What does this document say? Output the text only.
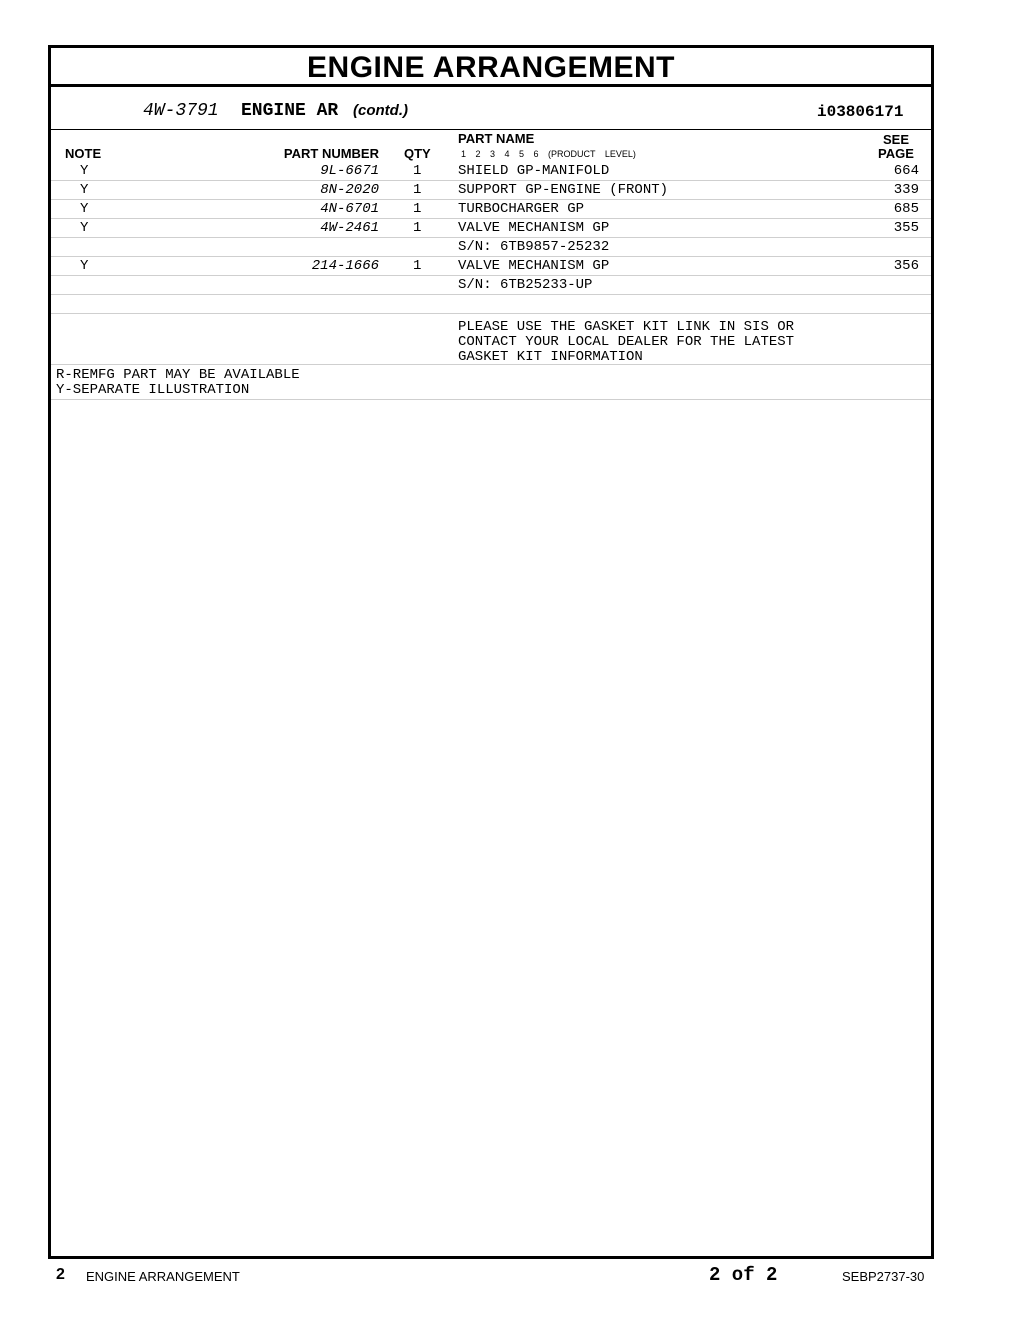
ENGINE ARRANGEMENT
4W-3791 ENGINE AR (contd.)	i03806171
NOTE	PART NUMBER QTY
PART NAME
1 2 3 4 5 6 (PRODUCT LEVEL)
SEE
PAGE
Y	9L-6671 1	SHIELD GP-MANIFOLD	664
Y	8N-2020 1	SUPPORT GP-ENGINE (FRONT)	339
Y	4N-6701 1	TURBOCHARGER GP	685
Y	4W-2461 1	VALVE MECHANISM GP	355
S/N: 6TB9857-25232
Y	214-1666 1	VALVE MECHANISM GP	356
S/N: 6TB25233-UP
PLEASE USE THE GASKET KIT LINK IN SIS OR
CONTACT YOUR LOCAL DEALER FOR THE LATEST
GASKET KIT INFORMATION
R-REMFG PART MAY BE AVAILABLE
Y-SEPARATE ILLUSTRATION
2 ENGINE ARRANGEMENT	2 of 2	SEBP2737-30
